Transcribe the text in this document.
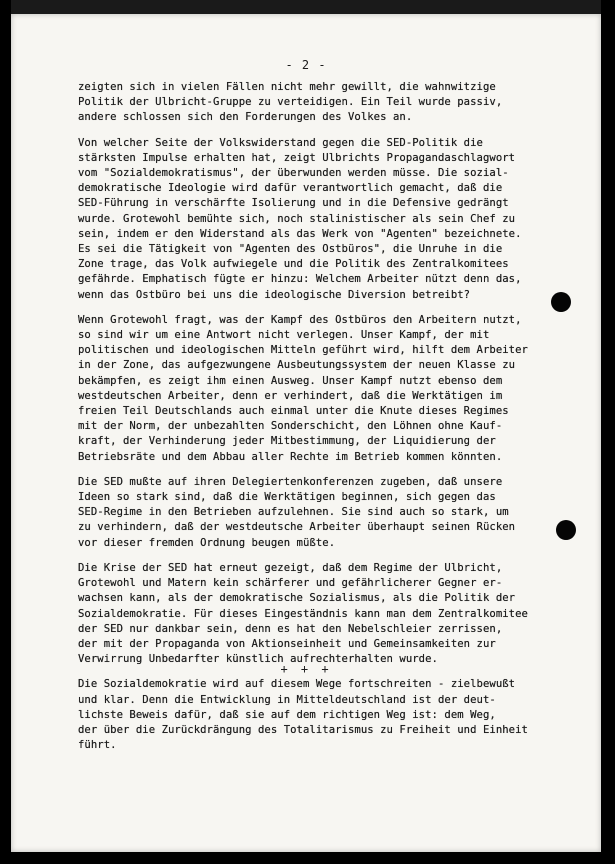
- 2 -
zeigten sich in vielen Fällen nicht mehr gewillt, die wahnwitzige
Politik der Ulbricht-Gruppe zu verteidigen. Ein Teil wurde passiv,
andere schlossen sich den Forderungen des Volkes an.
Von welcher Seite der Volkswiderstand gegen die SED-Politik die
stärksten Impulse erhalten hat, zeigt Ulbrichts Propagandaschlagwort
vom "Sozialdemokratismus", der überwunden werden müsse. Die sozial-
demokratische Ideologie wird dafür verantwortlich gemacht, daß die
SED-Führung in verschärfte Isolierung und in die Defensive gedrängt
wurde. Grotewohl bemühte sich, noch stalinistischer als sein Chef zu
sein, indem er den Widerstand als das Werk von "Agenten" bezeichnete.
Es sei die Tätigkeit von "Agenten des Ostbüros", die Unruhe in die
Zone trage, das Volk aufwiegele und die Politik des Zentralkomitees
gefährde. Emphatisch fügte er hinzu: Welchem Arbeiter nützt denn das,
wenn das Ostbüro bei uns die ideologische Diversion betreibt?
Wenn Grotewohl fragt, was der Kampf des Ostbüros den Arbeitern nutzt,
so sind wir um eine Antwort nicht verlegen. Unser Kampf, der mit
politischen und ideologischen Mitteln geführt wird, hilft dem Arbeiter
in der Zone, das aufgezwungene Ausbeutungssystem der neuen Klasse zu
bekämpfen, es zeigt ihm einen Ausweg. Unser Kampf nutzt ebenso dem
westdeutschen Arbeiter, denn er verhindert, daß die Werktätigen im
freien Teil Deutschlands auch einmal unter die Knute dieses Regimes
mit der Norm, der unbezahlten Sonderschicht, den Löhnen ohne Kauf-
kraft, der Verhinderung jeder Mitbestimmung, der Liquidierung der
Betriebsräte und dem Abbau aller Rechte im Betrieb kommen könnten.
Die SED mußte auf ihren Delegiertenkonferenzen zugeben, daß unsere
Ideen so stark sind, daß die Werktätigen beginnen, sich gegen das
SED-Regime in den Betrieben aufzulehnen. Sie sind auch so stark, um
zu verhindern, daß der westdeutsche Arbeiter überhaupt seinen Rücken
vor dieser fremden Ordnung beugen müßte.
Die Krise der SED hat erneut gezeigt, daß dem Regime der Ulbricht,
Grotewohl und Matern kein schärferer und gefährlicherer Gegner er-
wachsen kann, als der demokratische Sozialismus, als die Politik der
Sozialdemokratie. Für dieses Eingeständnis kann man dem Zentralkomitee
der SED nur dankbar sein, denn es hat den Nebelschleier zerrissen,
der mit der Propaganda von Aktionseinheit und Gemeinsamkeiten zur
Verwirrung Unbedarfter künstlich aufrechterhalten wurde.
Die Sozialdemokratie wird auf diesem Wege fortschreiten - zielbewußt
und klar. Denn die Entwicklung in Mitteldeutschland ist der deut-
lichste Beweis dafür, daß sie auf dem richtigen Weg ist: dem Weg,
der über die Zurückdrängung des Totalitarismus zu Freiheit und Einheit
führt.
+ + +
